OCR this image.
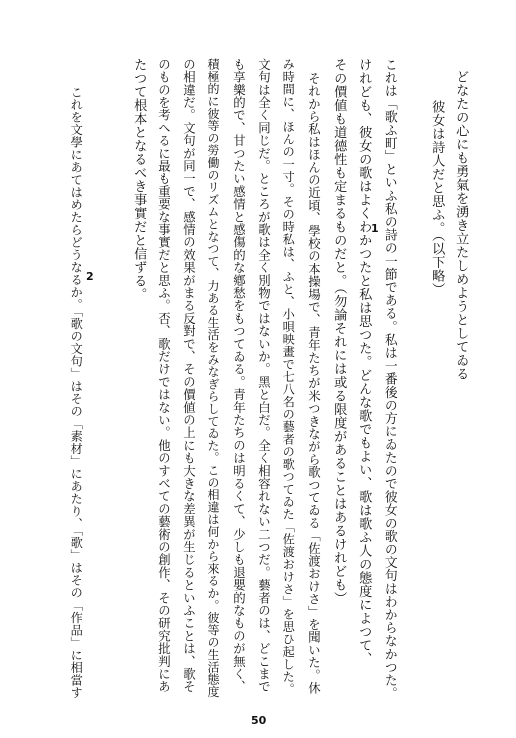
どなたの心にも勇氣を湧き立たしめようとしてゐる
彼女は詩人だと思ふ。（以下略）
1 これは「歌ふ町」といふ私の詩の一節である。私は一番後の方にゐたので彼女の歌の文句はわからなかつた。
けれども、彼女の歌はよくわかつたと私は思つた。どんな歌でもよい、歌は歌ふ人の態度によつて、
その價値も道德性も定まるものだと。（勿論それには或る限度があることはあるけれども）
それから私はほんの近頃、學校の本操場で、青年たちが米つきながら歌つてゐる「佐渡おけさ」を聞いた。休
み時間に、ほんの一寸。その時私は、ふと、小唄映畫で七八名の藝者の歌つてゐた「佐渡おけさ」を思ひ起した。
文句は全く同じだ。ところが歌は全く別物ではないか。黑と白だ。全く相容れない二つだ。藝者のは、どこまで
も享樂的で、甘つたい感情と感傷的な鄕愁をもつてゐる。青年たちのは明るくて、少しも退嬰的なものが無く、
積極的に彼等の勞働のリズムとなつて、力ある生活をみなぎらしてゐた。この相違は何から來るか。彼等の生活態度
の相違だ。文句が同一で、感情の效果がまる反對で、その價値の上にも大きな差異が生じるといふことは、歌そ
のものを考へるに最も重要な事實だと思ふ。否、歌だけではない。他のすべての藝術の創作、その研究批判にあ
たつて根本となるべき事實だと信ずる。
2
これを文學にあてはめたらどうなるか。「歌の文句」はその「素材」にあたり、「歌」はその「作品」に相當す
50
